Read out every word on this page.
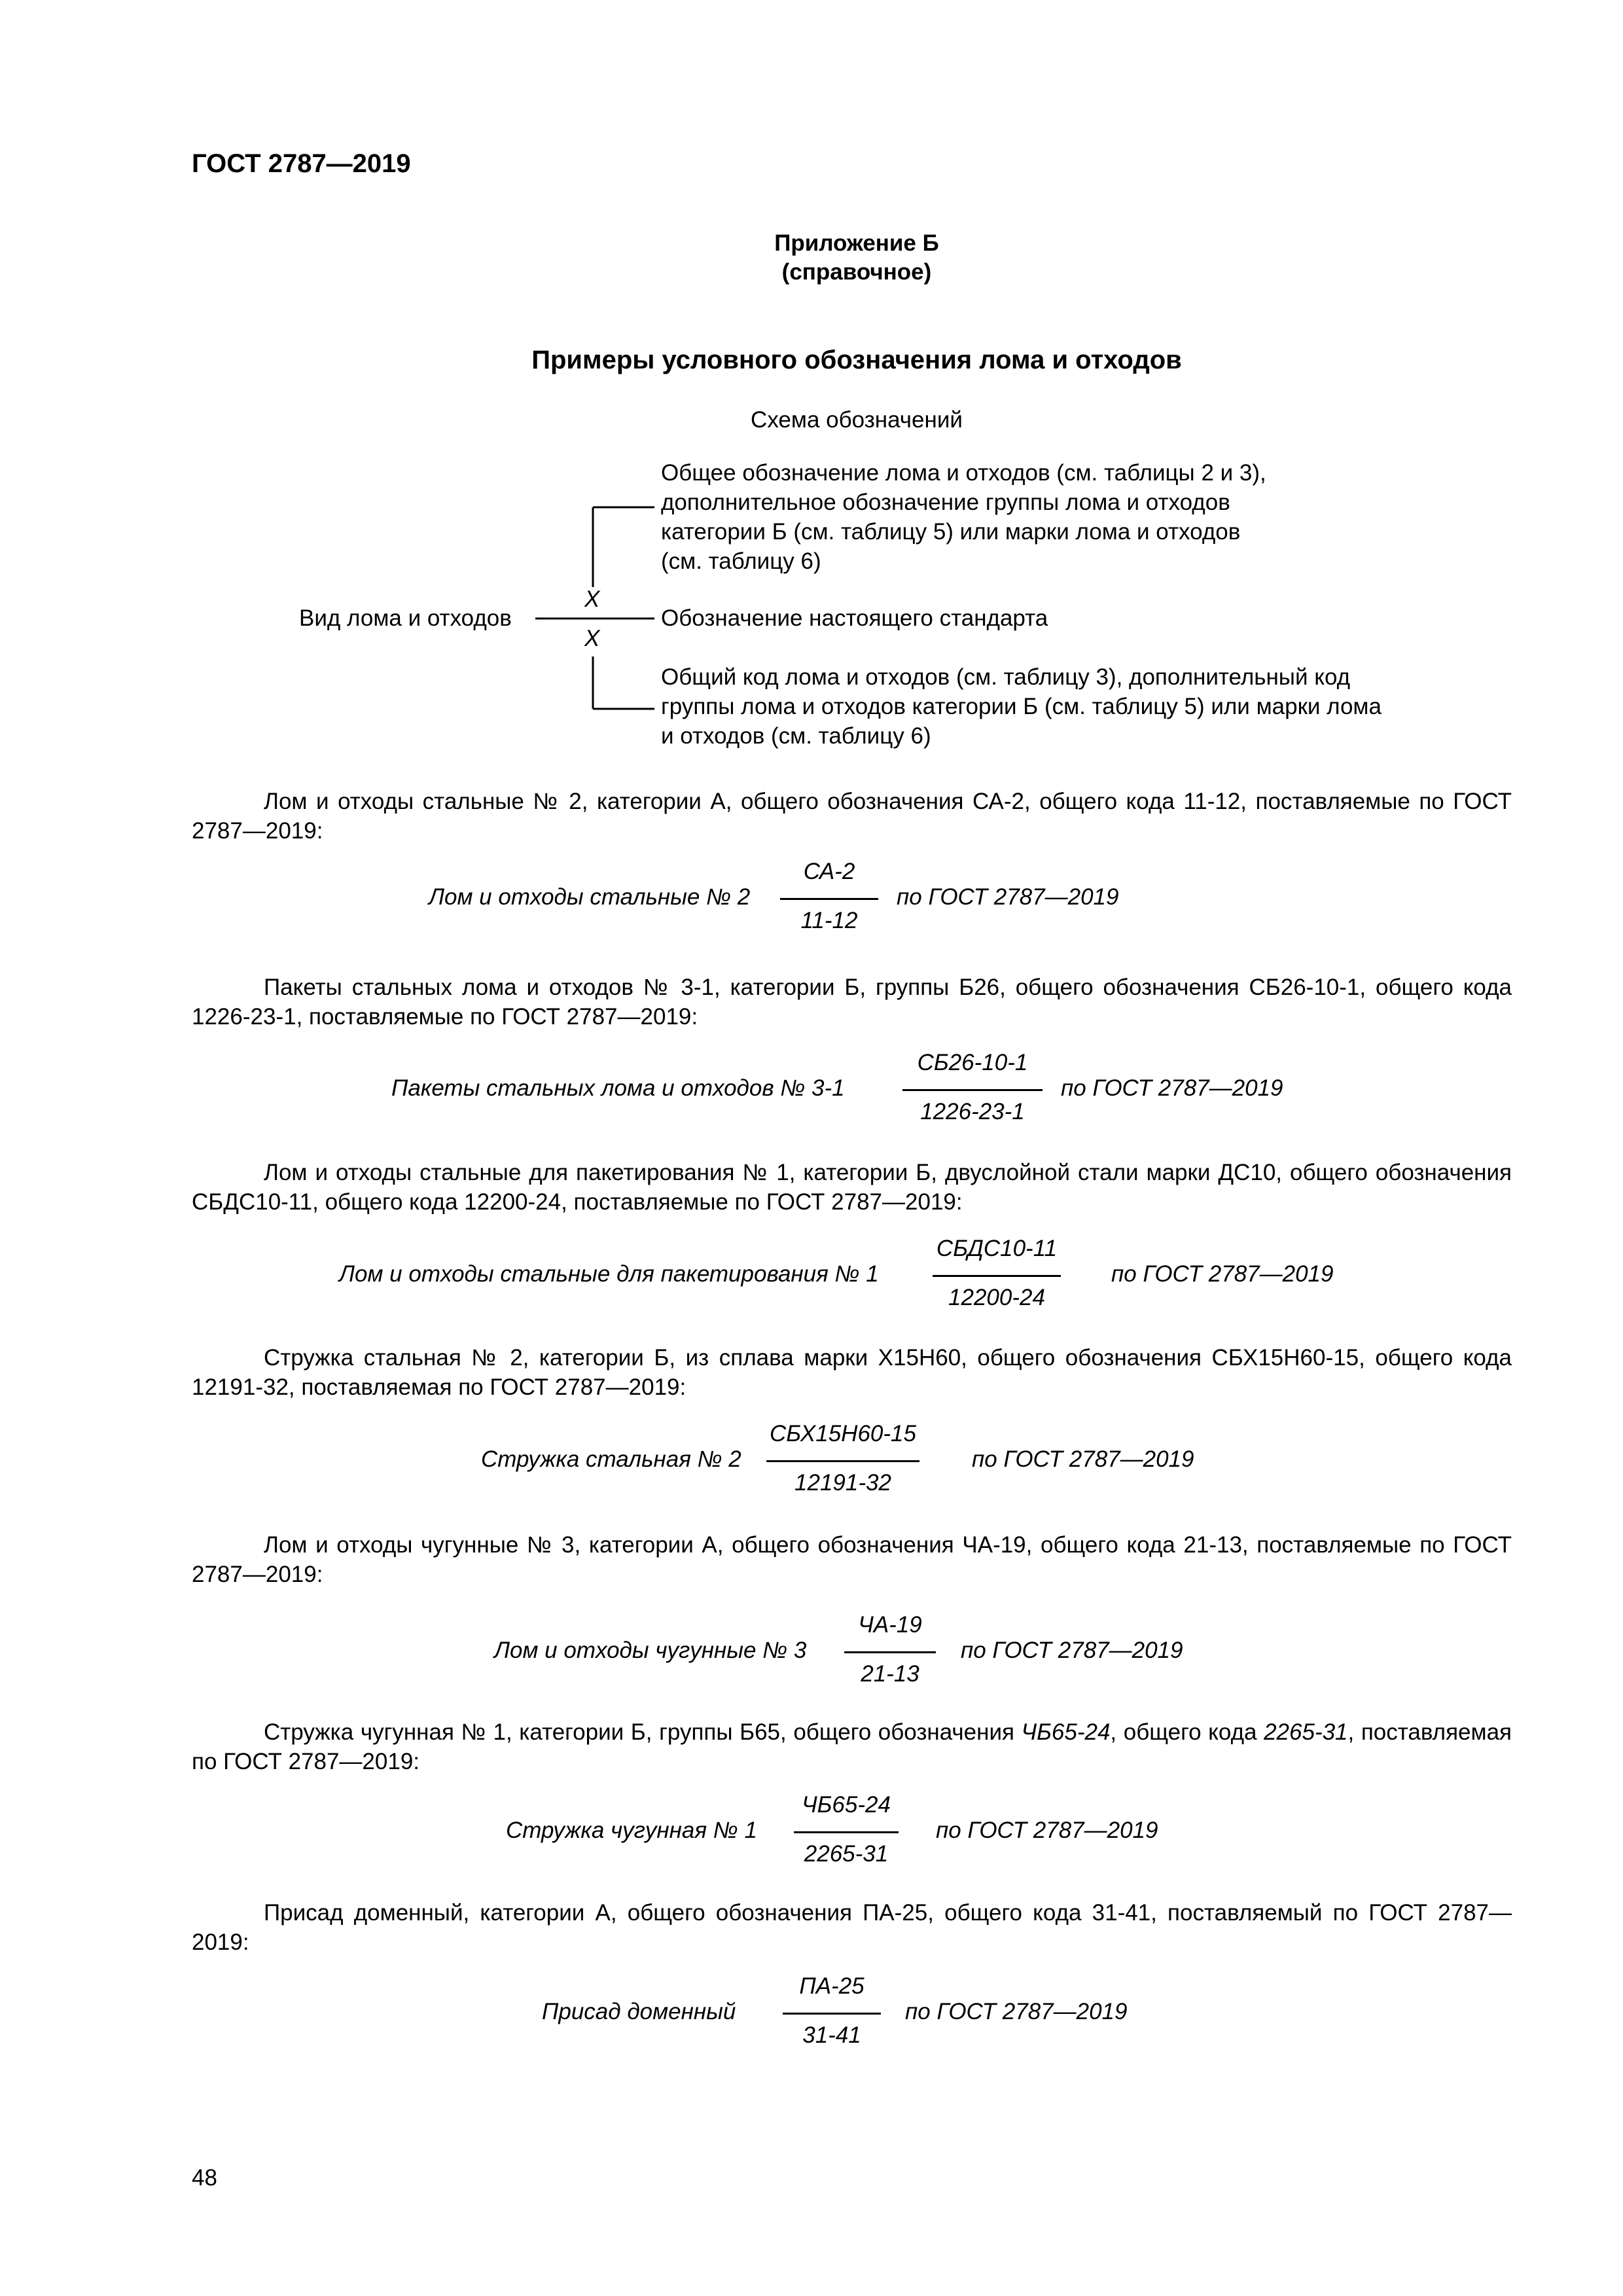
ГОСТ 2787—2019
Приложение Б
(справочное)
Примеры условного обозначения лома и отходов
Схема обозначений
Общее обозначение лома и отходов (см. таблицы 2 и 3),
дополнительное обозначение группы лома и отходов
категории Б (см. таблицу 5) или марки лома и отходов
(см. таблицу 6)
X
Вид лома и отходов	Обозначение настоящего стандарта
X
Общий код лома и отходов (см. таблицу 3), дополнительный код
группы лома и отходов категории Б (см. таблицу 5) или марки лома
и отходов (см. таблицу 6)
Лом и отходы стальные № 2, категории А, общего обозначения СА-2, общего кода 11-12, поставляемые по ГОСТ 2787—2019:
Лом и отходы стальные № 2
СА-2
11-12
по ГОСТ 2787—2019
Пакеты стальных лома и отходов № 3-1, категории Б, группы Б26, общего обозначения СБ26-10-1, общего кода 1226-23-1, поставляемые по ГОСТ 2787—2019:
Пакеты стальных лома и отходов № 3-1
СБ26-10-1
1226-23-1
по ГОСТ 2787—2019
Лом и отходы стальные для пакетирования № 1, категории Б, двуслойной стали марки ДС10, общего обозначения СБДС10-11, общего кода 12200-24, поставляемые по ГОСТ 2787—2019:
Лом и отходы стальные для пакетирования № 1
СБДС10-11
12200-24
по ГОСТ 2787—2019
Стружка стальная № 2, категории Б, из сплава марки Х15Н60, общего обозначения СБХ15Н60-15, общего кода 12191-32, поставляемая по ГОСТ 2787—2019:
Стружка стальная № 2
СБХ15Н60-15
12191-32
по ГОСТ 2787—2019
Лом и отходы чугунные № 3, категории А, общего обозначения ЧА-19, общего кода 21-13, поставляемые по ГОСТ 2787—2019:
Лом и отходы чугунные № 3
ЧА-19
21-13
по ГОСТ 2787—2019
Стружка чугунная № 1, категории Б, группы Б65, общего обозначения ЧБ65-24, общего кода 2265-31, поставляемая по ГОСТ 2787—2019:
Стружка чугунная № 1
ЧБ65-24
2265-31
по ГОСТ 2787—2019
Присад доменный, категории А, общего обозначения ПА-25, общего кода 31-41, поставляемый по ГОСТ 2787—2019:
Присад доменный
ПА-25
31-41
по ГОСТ 2787—2019
48
